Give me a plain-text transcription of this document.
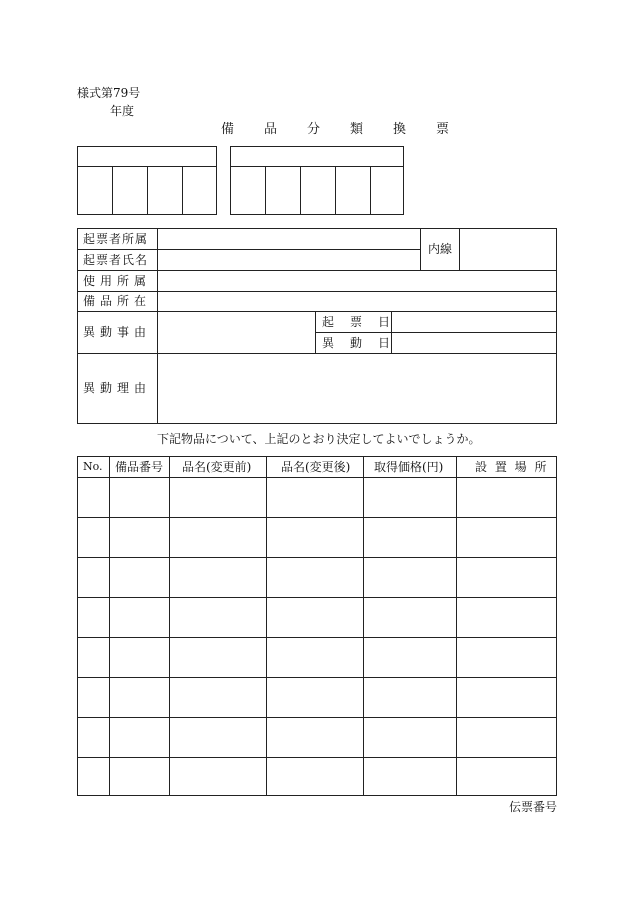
様式第79号
年度
備品分類換票
起票者所属
起票者氏名
内線
使用所属
備品所在
異動事由
起　票　日
異　動　日
異動理由
下記物品について、上記のとおり決定してよいでしょうか。
No. 備品番号 品名(変更前) 品名(変更後) 取得価格(円)	設 置 場 所
伝票番号
